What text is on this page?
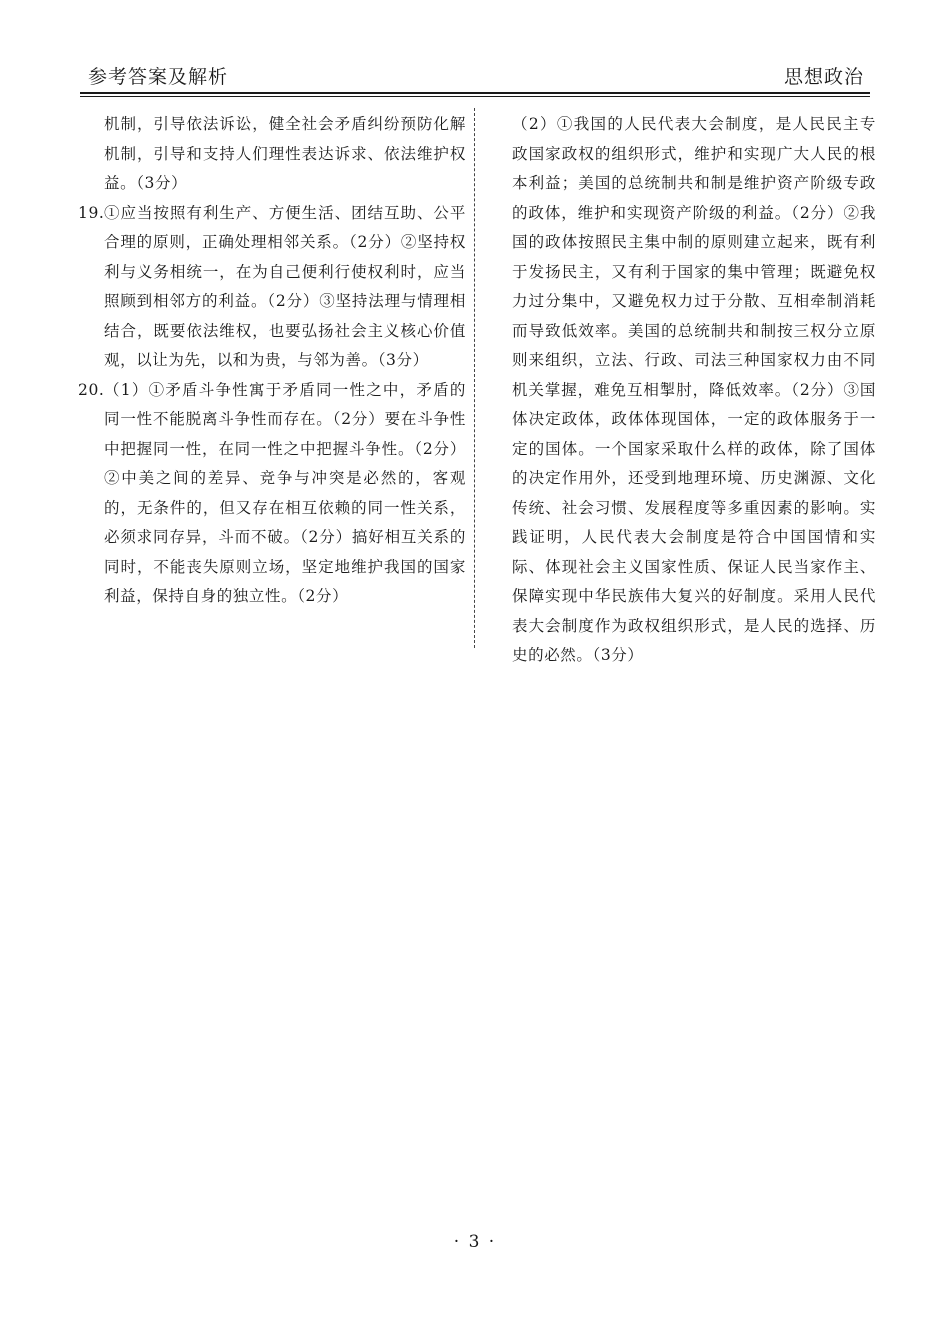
参考答案及解析	思想政治

机制，引导依法诉讼，健全社会矛盾纠纷预防化解机制，引导和支持人们理性表达诉求、依法维护权益。（3分）

19. ①应当按照有利生产、方便生活、团结互助、公平合理的原则，正确处理相邻关系。（2分）②坚持权利与义务相统一，在为自己便利行使权利时，应当照顾到相邻方的利益。（2分）③坚持法理与情理相结合，既要依法维权，也要弘扬社会主义核心价值观，以让为先，以和为贵，与邻为善。（3分）
20. （1）①矛盾斗争性寓于矛盾同一性之中，矛盾的同一性不能脱离斗争性而存在。（2分）要在斗争性中把握同一性，在同一性之中把握斗争性。（2分）②中美之间的差异、竞争与冲突是必然的，客观的，无条件的，但又存在相互依赖的同一性关系，必须求同存异，斗而不破。（2分）搞好相互关系的同时，不能丧失原则立场，坚定地维护我国的国家利益，保持自身的独立性。（2分）

（2）①我国的人民代表大会制度，是人民民主专政国家政权的组织形式，维护和实现广大人民的根本利益；美国的总统制共和制是维护资产阶级专政的政体，维护和实现资产阶级的利益。（2分）②我国的政体按照民主集中制的原则建立起来，既有利于发扬民主，又有利于国家的集中管理；既避免权力过分集中，又避免权力过于分散、互相牵制消耗而导致低效率。美国的总统制共和制按三权分立原则来组织，立法、行政、司法三种国家权力由不同机关掌握，难免互相掣肘，降低效率。（2分）③国体决定政体，政体体现国体，一定的政体服务于一定的国体。一个国家采取什么样的政体，除了国体的决定作用外，还受到地理环境、历史渊源、文化传统、社会习惯、发展程度等多重因素的影响。实践证明，人民代表大会制度是符合中国国情和实际、体现社会主义国家性质、保证人民当家作主、保障实现中华民族伟大复兴的好制度。采用人民代表大会制度作为政权组织形式，是人民的选择、历史的必然。（3分）

· 3 ·
